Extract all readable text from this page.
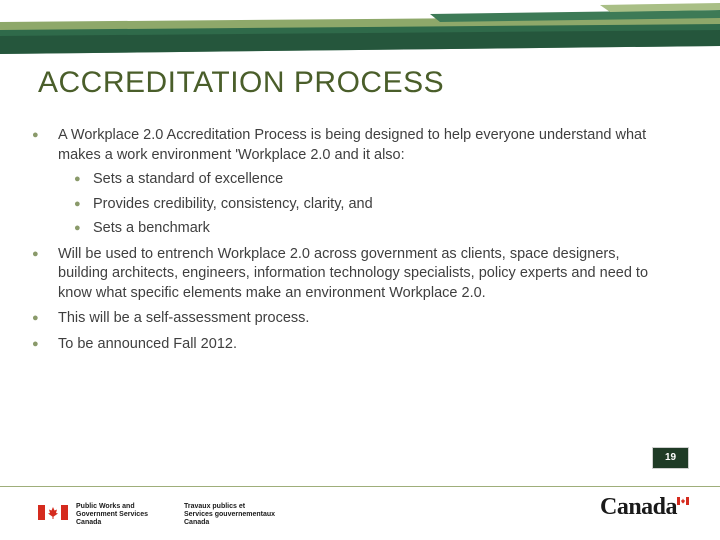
ACCREDITATION PROCESS
● A Workplace 2.0 Accreditation Process is being designed to help everyone understand what makes a work environment 'Workplace 2.0 and it also:
● Sets a standard of excellence
● Provides credibility, consistency, clarity, and
● Sets a benchmark
● Will be used to entrench Workplace 2.0 across government as clients, space designers, building architects, engineers, information technology specialists, policy experts and need to know what specific elements make an environment Workplace 2.0.
● This will be a self-assessment process.
● To be announced Fall 2012.
19
Public Works and
Government Services
Canada
Travaux publics et
Services gouvernementaux
Canada
Canada
